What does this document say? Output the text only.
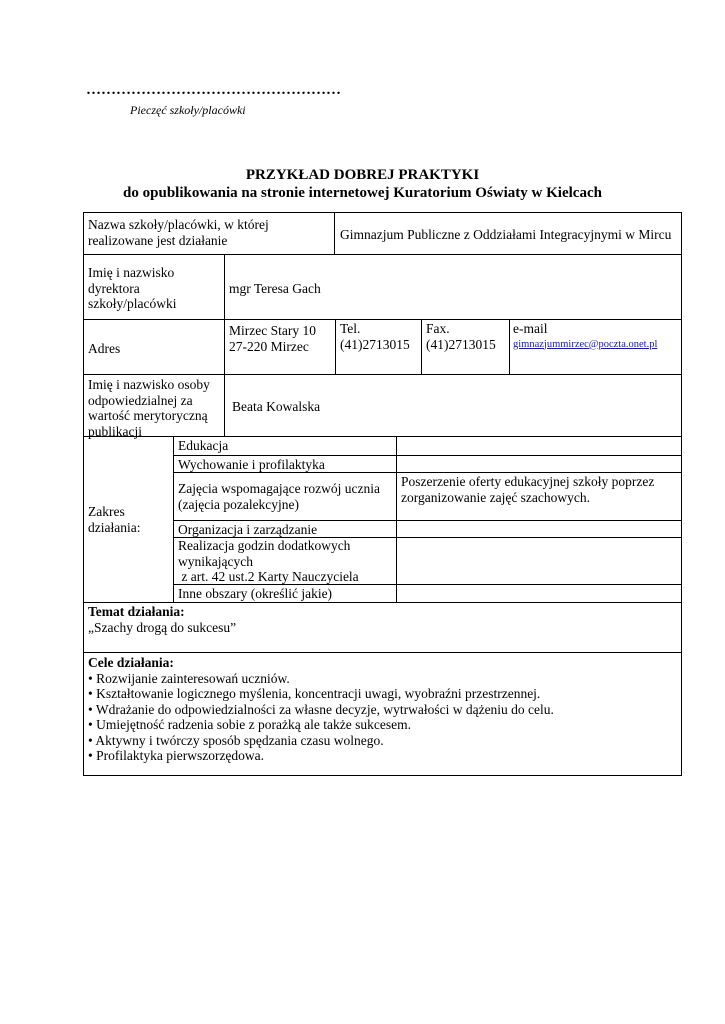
……………………………………………
Pieczęć szkoły/placówki
PRZYKŁAD DOBREJ PRAKTYKI
do opublikowania na stronie internetowej Kuratorium Oświaty w Kielcach
Nazwa szkoły/placówki, w której
realizowane jest działanie	Gimnazjum Publiczne z Oddziałami Integracyjnymi w Mircu
Imię i nazwisko
dyrektora
szkoły/placówki
mgr Teresa Gach
Adres
Mirzec Stary 10
27-220 Mirzec
Tel.
(41)2713015
Fax.
(41)2713015
e-mail
gimnazjummirzec@poczta.onet.pl
Imię i nazwisko osoby
odpowiedzialnej za
wartość merytoryczną
publikacji
Beata Kowalska
Zakres
działania:
Edukacja
Wychowanie i profilaktyka
Zajęcia wspomagające rozwój ucznia
(zajęcia pozalekcyjne)
Organizacja i zarządzanie
Realizacja godzin dodatkowych
wynikających
z art. 42 ust.2 Karty Nauczyciela
Inne obszary (określić jakie)
Poszerzenie oferty edukacyjnej szkoły poprzez
zorganizowanie zajęć szachowych.
Temat działania:
„Szachy drogą do sukcesu”
Cele działania:
• Rozwijanie zainteresowań uczniów.
• Kształtowanie logicznego myślenia, koncentracji uwagi, wyobraźni przestrzennej.
• Wdrażanie do odpowiedzialności za własne decyzje, wytrwałości w dążeniu do celu.
• Umiejętność radzenia sobie z porażką ale także sukcesem.
• Aktywny i twórczy sposób spędzania czasu wolnego.
• Profilaktyka pierwszorzędowa.
